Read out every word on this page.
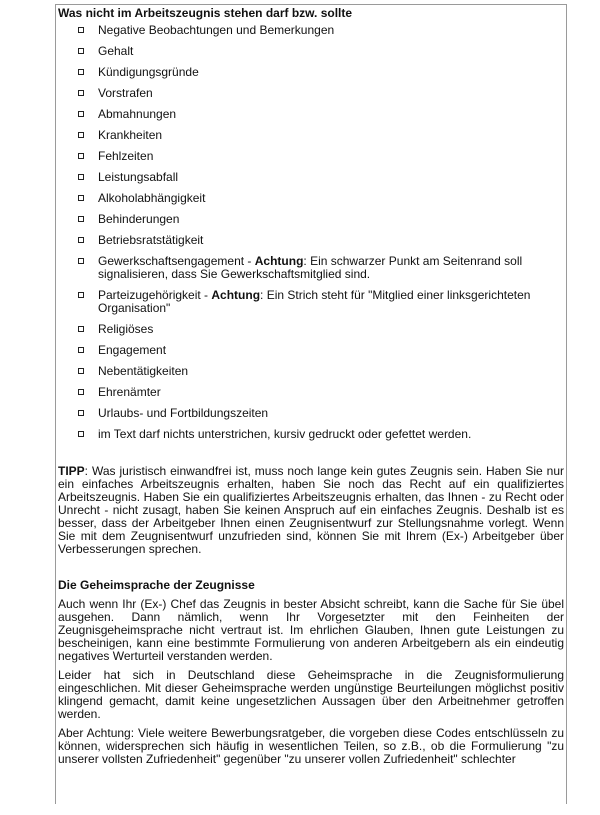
Was nicht im Arbeitszeugnis stehen darf bzw. sollte
Negative Beobachtungen und Bemerkungen
Gehalt
Kündigungsgründe
Vorstrafen
Abmahnungen
Krankheiten
Fehlzeiten
Leistungsabfall
Alkoholabhängigkeit
Behinderungen
Betriebsratstätigkeit
Gewerkschaftsengagement - Achtung: Ein schwarzer Punkt am Seitenrand soll signalisieren, dass Sie Gewerkschaftsmitglied sind.
Parteizugehörigkeit - Achtung: Ein Strich steht für "Mitglied einer linksgerichteten Organisation"
Religiöses
Engagement
Nebentätigkeiten
Ehrenämter
Urlaubs- und Fortbildungszeiten
im Text darf nichts unterstrichen, kursiv gedruckt oder gefettet werden.

TIPP: Was juristisch einwandfrei ist, muss noch lange kein gutes Zeugnis sein. Haben Sie nur ein einfaches Arbeitszeugnis erhalten, haben Sie noch das Recht auf ein qualifiziertes Arbeitszeugnis. Haben Sie ein qualifiziertes Arbeitszeugnis erhalten, das Ihnen - zu Recht oder Unrecht - nicht zusagt, haben Sie keinen Anspruch auf ein einfaches Zeugnis. Deshalb ist es besser, dass der Arbeitgeber Ihnen einen Zeugnisentwurf zur Stellungsnahme vorlegt. Wenn Sie mit dem Zeugnisentwurf unzufrieden sind, können Sie mit Ihrem (Ex-) Arbeitgeber über Verbesserungen sprechen.

Die Geheimsprache der Zeugnisse

Auch wenn Ihr (Ex-) Chef das Zeugnis in bester Absicht schreibt, kann die Sache für Sie übel ausgehen. Dann nämlich, wenn Ihr Vorgesetzter mit den Feinheiten der Zeugnisgeheimsprache nicht vertraut ist. Im ehrlichen Glauben, Ihnen gute Leistungen zu bescheinigen, kann eine bestimmte Formulierung von anderen Arbeitgebern als ein eindeutig negatives Werturteil verstanden werden.

Leider hat sich in Deutschland diese Geheimsprache in die Zeugnisformulierung eingeschlichen. Mit dieser Geheimsprache werden ungünstige Beurteilungen möglichst positiv klingend gemacht, damit keine ungesetzlichen Aussagen über den Arbeitnehmer getroffen werden.

Aber Achtung: Viele weitere Bewerbungsratgeber, die vorgeben diese Codes entschlüsseln zu können, widersprechen sich häufig in wesentlichen Teilen, so z.B., ob die Formulierung "zu unserer vollsten Zufriedenheit" gegenüber "zu unserer vollen Zufriedenheit" schlechter
